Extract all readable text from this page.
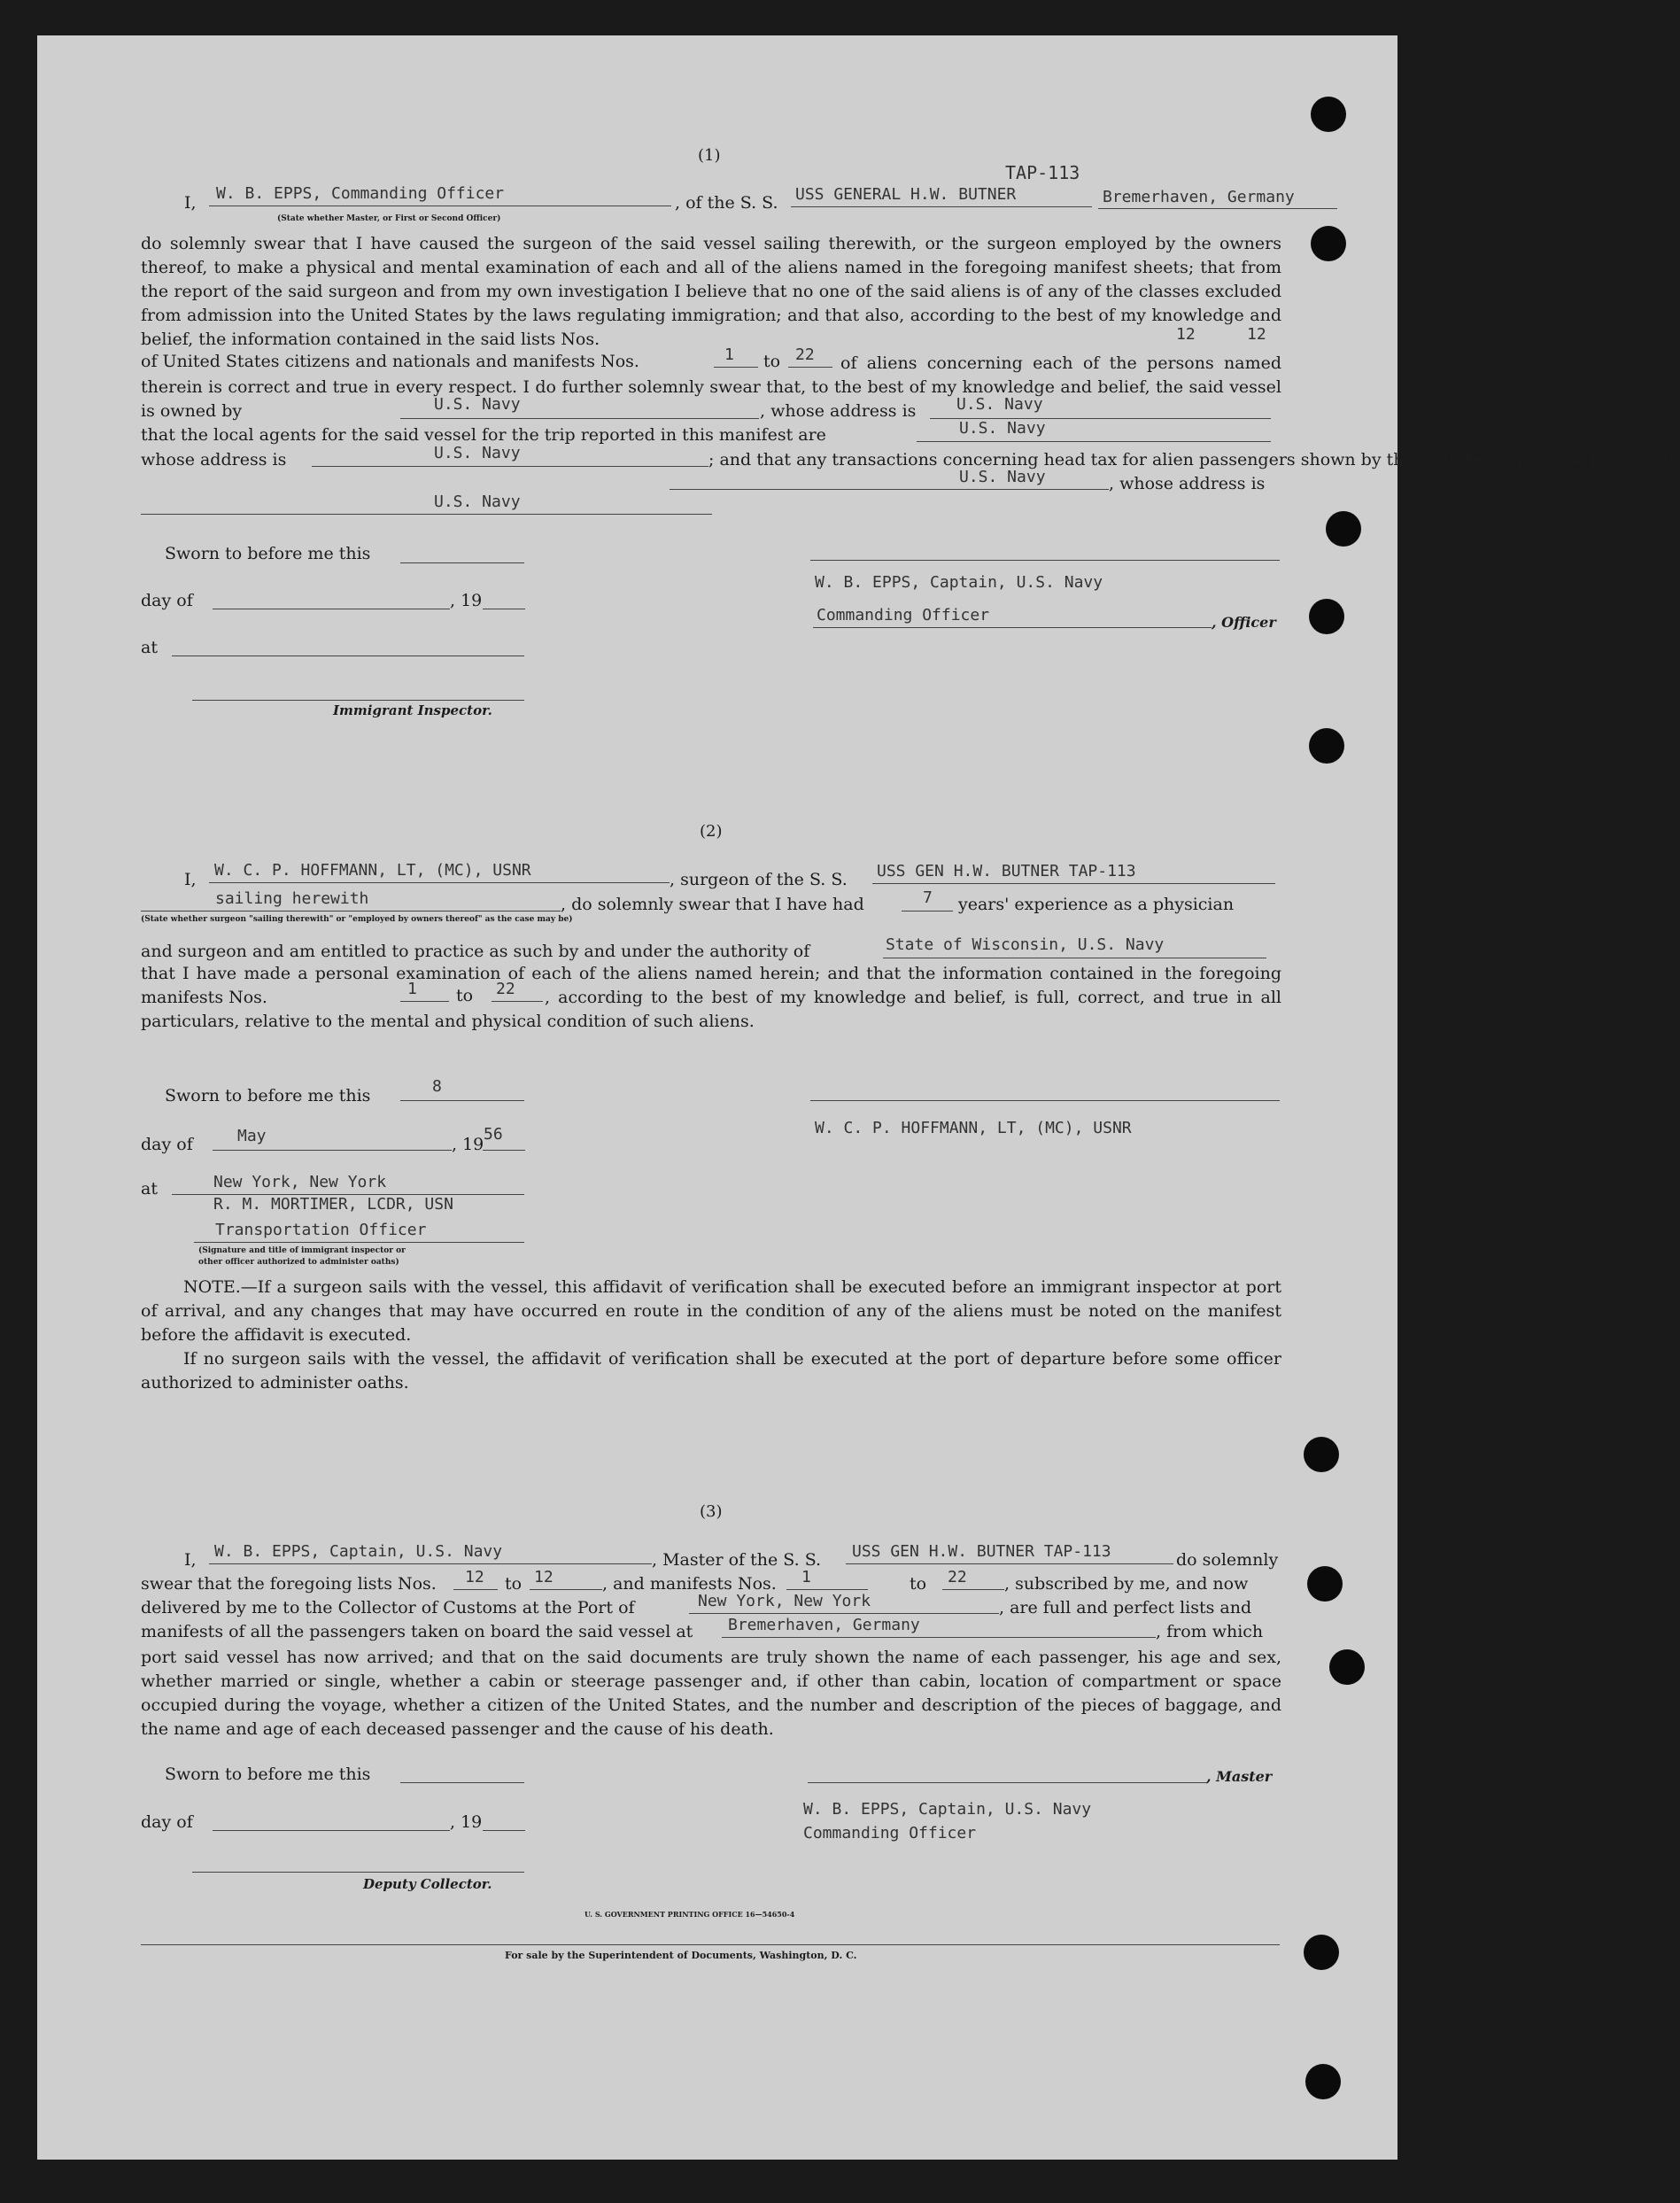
(1)
TAP-113
I, W. B. EPPS, Commanding Officer
(State whether Master, or First or Second Officer)
, of the S. S. USS GENERAL H.W. BUTNER	Bremerhaven, Germany
do solemnly swear that I have caused the surgeon of the said vessel sailing therewith, or the surgeon employed by the owners thereof, to make a physical and mental examination of each and all of the aliens named in the foregoing manifest sheets; that from the report of the said surgeon and from my own investigation I believe that no one of the said aliens is of any of the classes excluded from admission into the United States by the laws regulating immigration; and that also, according to the best of my knowledge and belief, the information contained in the said lists Nos.	12	12
of United States citizens and nationals and manifests Nos.	1 to 22	of aliens concerning each of the persons named therein is correct and true in every respect. I do further solemnly swear that, to the best of my knowledge and belief, the said vessel is owned by	U.S. Navy	, whose address is	U.S. Navy
that the local agents for the said vessel for the trip reported in this manifest are	U.S. Navy
whose address is	U.S. Navy	; and that any transactions concerning head tax for alien passengers shown by this manifest should be made with
U.S. Navy	, whose address is
U.S. Navy
Sworn to before me this
day of	, 19
W. B. EPPS, Captain, U.S. Navy
Commanding Officer	, Officer
at
Immigrant Inspector.
(2)
I, W. C. P. HOFFMANN, LT, (MC), USNR	, surgeon of the S. S. USS GEN H.W. BUTNER TAP-113
sailing herewith	, do solemnly swear that I have had	7 years' experience as a physician
(State whether surgeon "sailing therewith" or "employed by owners thereof" as the case may be)
and surgeon and am entitled to practice as such by and under the authority of	State of Wisconsin, U.S. Navy
that I have made a personal examination of each of the aliens named herein; and that the information contained in the foregoing manifests Nos.	1 to 22	, according to the best of my knowledge and belief, is full, correct, and true in all particulars, relative to the mental and physical condition of such aliens.
Sworn to before me this	8
day of	May	, 19
56	W. C. P. HOFFMANN, LT, (MC), USNR
at	New York, New York
R. M. MORTIMER, LCDR, USN
Transportation Officer
(Signature and title of immigrant inspector or
other officer authorized to administer oaths)
NOTE.—If a surgeon sails with the vessel, this affidavit of verification shall be executed before an immigrant inspector at port of arrival, and any changes that may have occurred en route in the condition of any of the aliens must be noted on the manifest before the affidavit is executed.
If no surgeon sails with the vessel, the affidavit of verification shall be executed at the port of departure before some officer authorized to administer oaths.
(3)
I, W. B. EPPS, Captain, U.S. Navy	, Master of the S. S. USS GEN H.W. BUTNER TAP-113	do solemnly
swear that the foregoing lists Nos. 12 to 12	, and manifests Nos. 1	to 22 , subscribed by me, and now
delivered by me to the Collector of Customs at the Port of	New York, New York	, are full and perfect lists and
manifests of all the passengers taken on board the said vessel at Bremerhaven, Germany	, from which
port said vessel has now arrived; and that on the said documents are truly shown the name of each passenger, his age and sex, whether married or single, whether a cabin or steerage passenger and, if other than cabin, location of compartment or space occupied during the voyage, whether a citizen of the United States, and the number and description of the pieces of baggage, and the name and age of each deceased passenger and the cause of his death.
Sworn to before me this	, Master
day of	, 19
W. B. EPPS, Captain, U.S. Navy
Commanding Officer
Deputy Collector.
U. S. GOVERNMENT PRINTING OFFICE 16—54650-4
For sale by the Superintendent of Documents, Washington, D. C.
